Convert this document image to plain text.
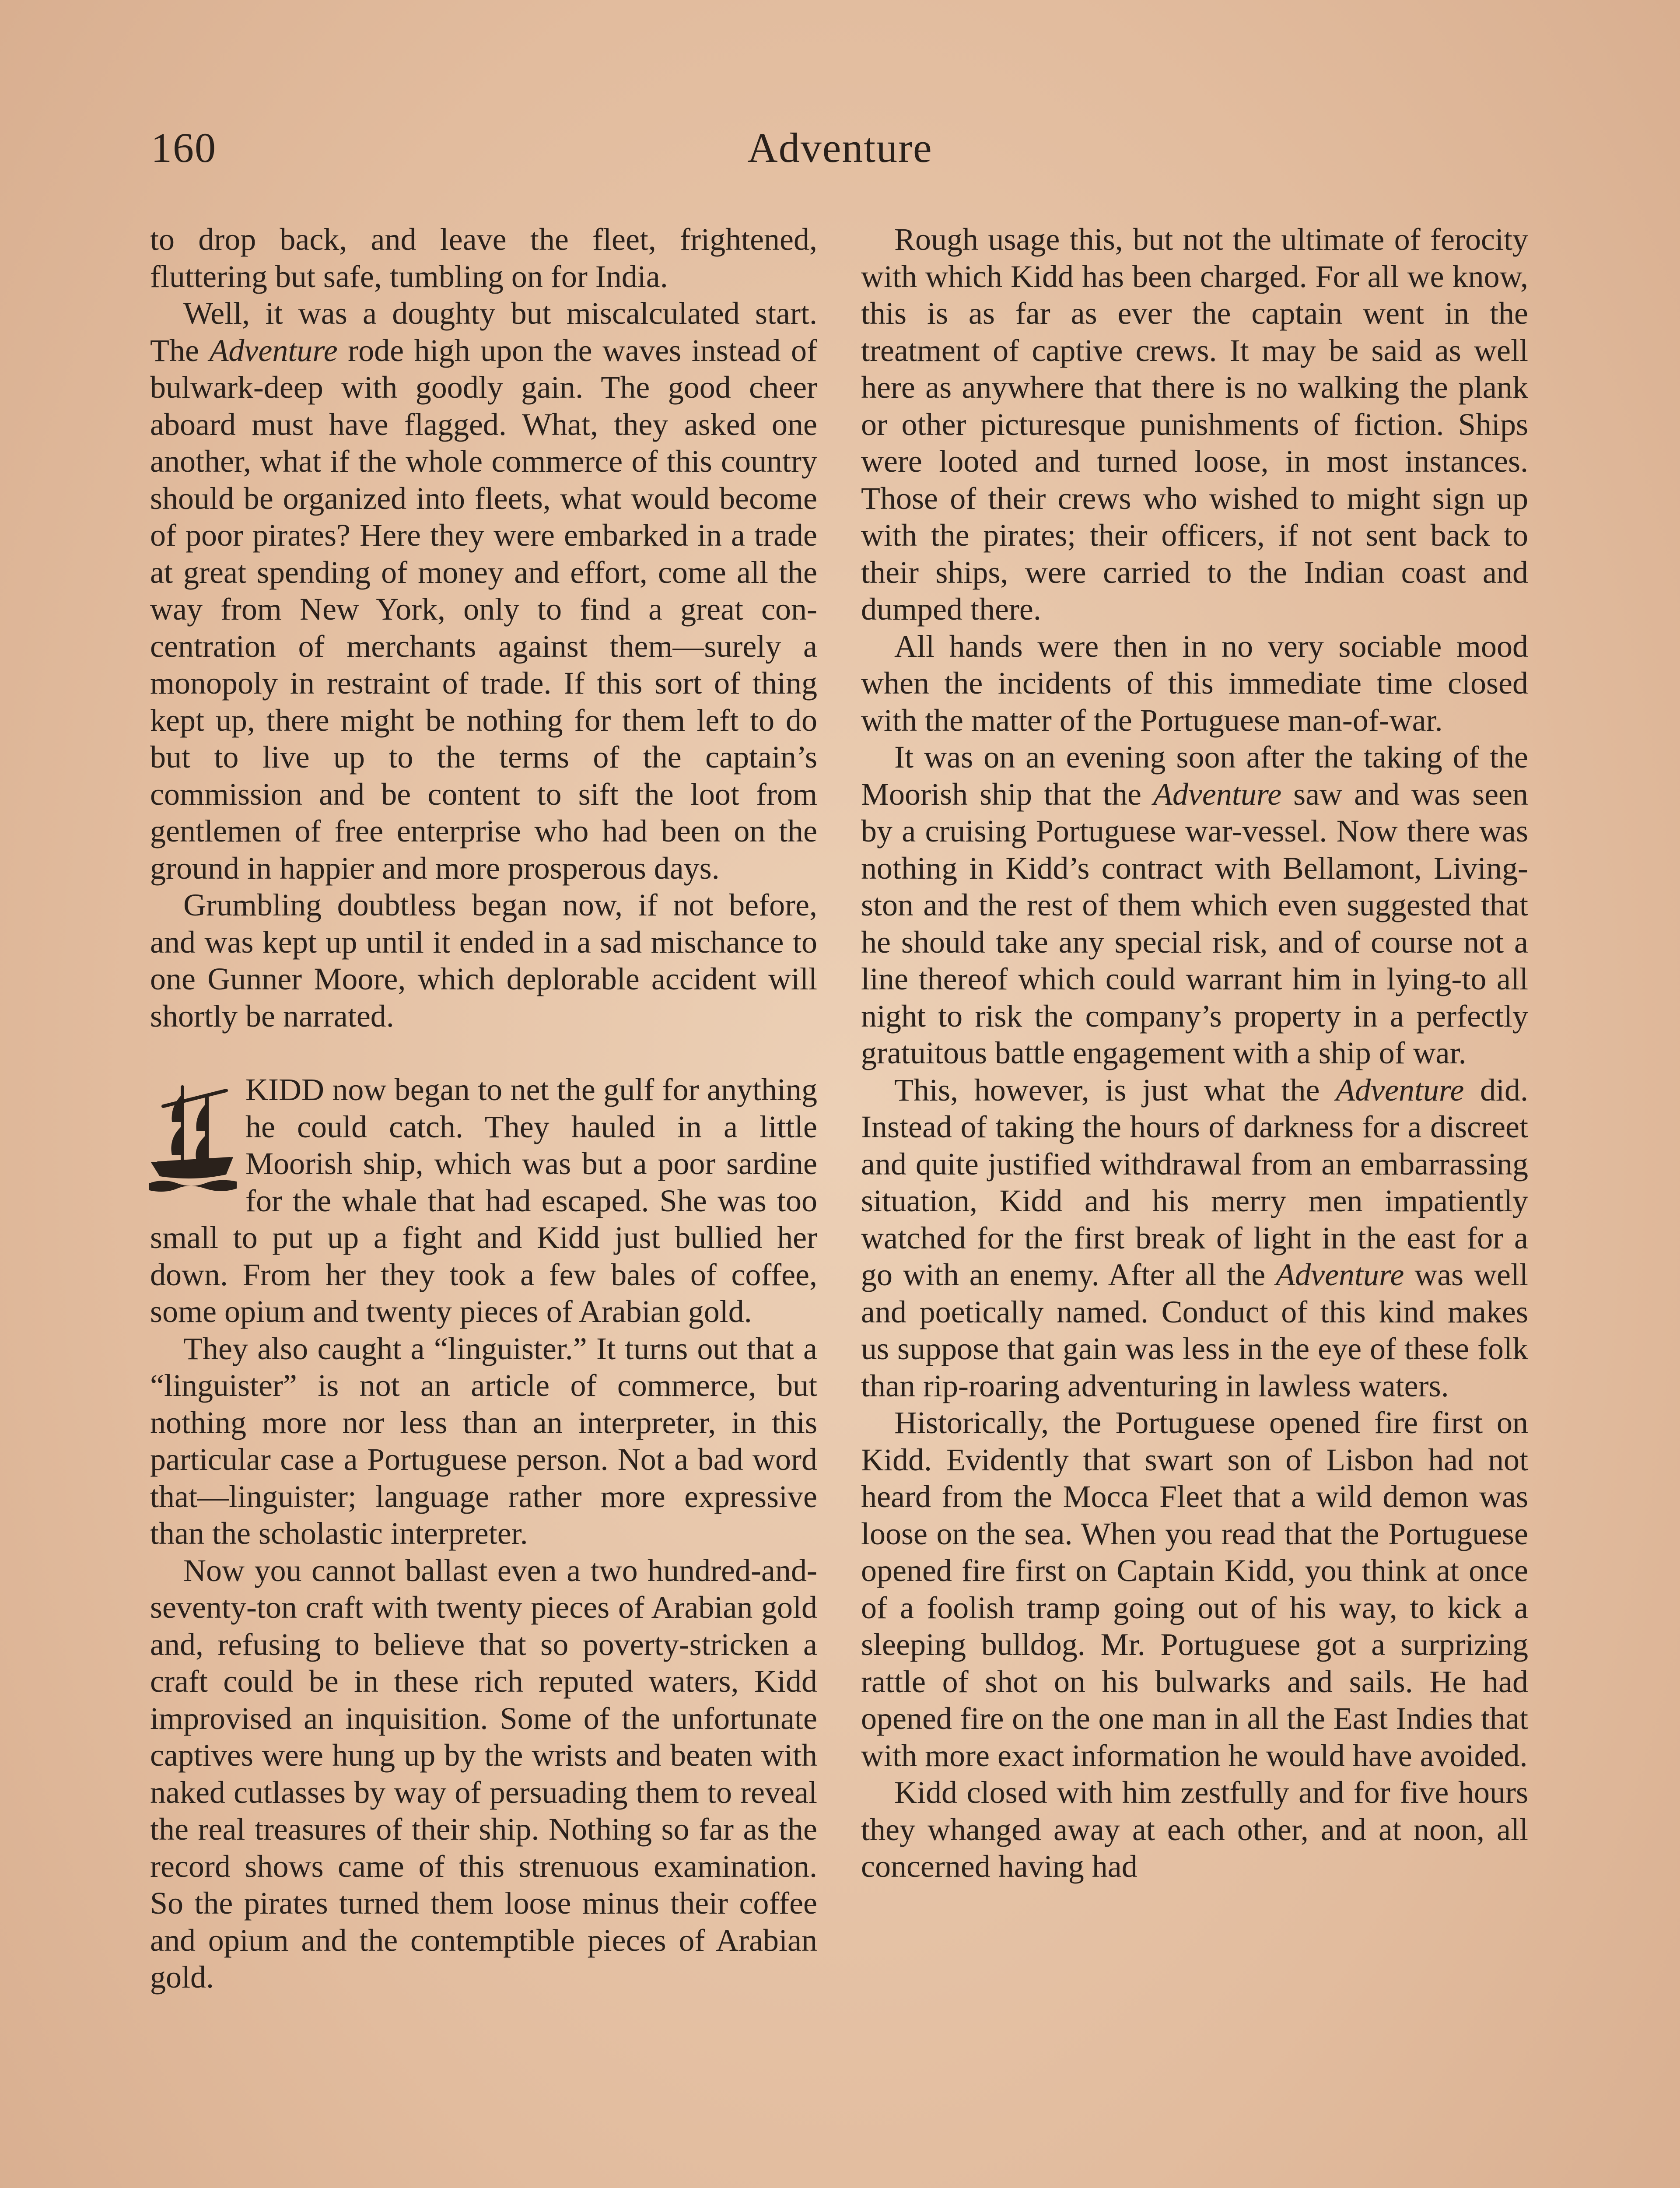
160	Adventure

to drop back, and leave the fleet, frightened, fluttering but safe, tumbling on for India.

Well, it was a doughty but miscalculated start. The Adventure rode high upon the waves instead of bulwark-deep with goodly gain. The good cheer aboard must have flagged. What, they asked one another, what if the whole commerce of this country should be organized into fleets, what would become of poor pirates? Here they were embarked in a trade at great spending of money and effort, come all the way from New York, only to find a great concentration of merchants against them—surely a monopoly in restraint of trade. If this sort of thing kept up, there might be nothing for them left to do but to live up to the terms of the captain’s commission and be content to sift the loot from gentlemen of free enterprise who had been on the ground in happier and more prosperous days.

Grumbling doubtless began now, if not before, and was kept up until it ended in a sad mischance to one Gunner Moore, which deplorable accident will shortly be narrated.

KIDD now began to net the gulf for anything he could catch. They hauled in a little Moorish ship, which was but a poor sardine for the whale that had escaped. She was too small to put up a fight and Kidd just bullied her down. From her they took a few bales of coffee, some opium and twenty pieces of Arabian gold.

They also caught a “linguister.” It turns out that a “linguister” is not an article of commerce, but nothing more nor less than an interpreter, in this particular case a Portuguese person. Not a bad word that—linguister; language rather more expressive than the scholastic interpreter.

Now you cannot ballast even a two hundred-and-seventy-ton craft with twenty pieces of Arabian gold and, refusing to believe that so poverty-stricken a craft could be in these rich reputed waters, Kidd improvised an inquisition. Some of the unfortunate captives were hung up by the wrists and beaten with naked cutlasses by way of persuading them to reveal the real treasures of their ship. Nothing so far as the record shows came of this strenuous examination. So the pirates turned them loose minus their coffee and opium and the contemptible pieces of Arabian gold.

Rough usage this, but not the ultimate of ferocity with which Kidd has been charged. For all we know, this is as far as ever the captain went in the treatment of captive crews. It may be said as well here as anywhere that there is no walking the plank or other picturesque punishments of fiction. Ships were looted and turned loose, in most instances. Those of their crews who wished to might sign up with the pirates; their officers, if not sent back to their ships, were carried to the Indian coast and dumped there.

All hands were then in no very sociable mood when the incidents of this immediate time closed with the matter of the Portuguese man-of-war.

It was on an evening soon after the taking of the Moorish ship that the Adventure saw and was seen by a cruising Portuguese war-vessel. Now there was nothing in Kidd’s contract with Bellamont, Livingston and the rest of them which even suggested that he should take any special risk, and of course not a line thereof which could warrant him in lying-to all night to risk the company’s property in a perfectly gratuitous battle engagement with a ship of war.

This, however, is just what the Adventure did. Instead of taking the hours of darkness for a discreet and quite justified withdrawal from an embarrassing situation, Kidd and his merry men impatiently watched for the first break of light in the east for a go with an enemy. After all the Adventure was well and poetically named. Conduct of this kind makes us suppose that gain was less in the eye of these folk than rip-roaring adventuring in lawless waters.

Historically, the Portuguese opened fire first on Kidd. Evidently that swart son of Lisbon had not heard from the Mocca Fleet that a wild demon was loose on the sea. When you read that the Portuguese opened fire first on Captain Kidd, you think at once of a foolish tramp going out of his way, to kick a sleeping bulldog. Mr. Portuguese got a surprizing rattle of shot on his bulwarks and sails. He had opened fire on the one man in all the East Indies that with more exact information he would have avoided.

Kidd closed with him zestfully and for five hours they whanged away at each other, and at noon, all concerned having had
